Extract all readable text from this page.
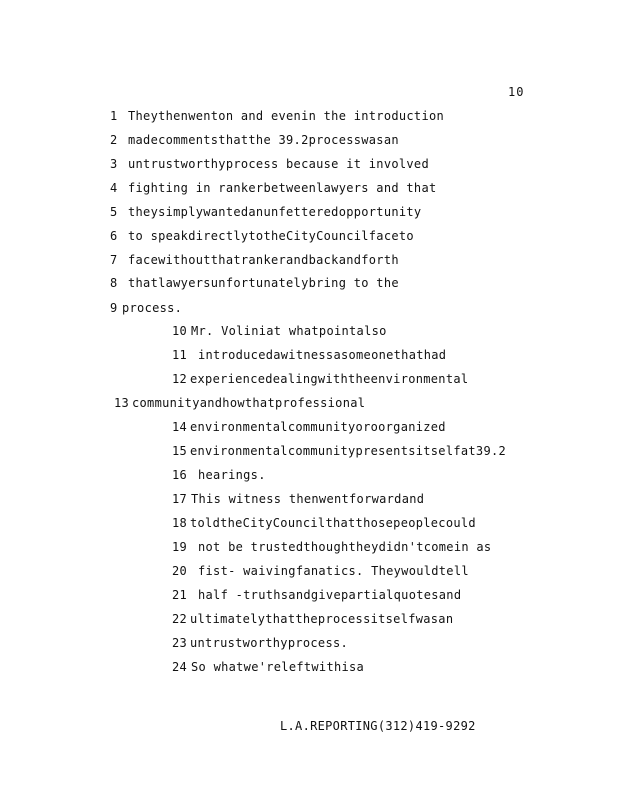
10
1 Theythenwenton and evenin the introduction
2 madecommentsthatthe 39.2processwasan
3 untrustworthyprocess because it involved
4 fighting in rankerbetweenlawyers and that
5 theysimplywantedanunfetteredopportunity
6 to speakdirectlytotheCityCouncilfaceto
7 facewithoutthatrankerandbackandforth
8 thatlawyersunfortunatelybring to the
9 process.
10 Mr. Voliniat whatpointalso
11 introducedawitnessasomeonethathad
12 experiencedealingwiththeenvironmental
13 communityandhowthatprofessional
14 environmentalcommunityoroorganized
15 environmentalcommunitypresentsitselfat39.2
16 hearings.
17 This witness thenwentforwardand
18 toldtheCityCouncilthatthosepeoplecould
19 not be trustedthoughtheydidn'tcomein as
20 fist- waivingfanatics. Theywouldtell
21 half -truthsandgivepartialquotesand
22 ultimatelythattheprocessitselfwasan
23 untrustworthyprocess.
24 So whatwe'releftwithisa
L.A.REPORTING(312)419-9292
